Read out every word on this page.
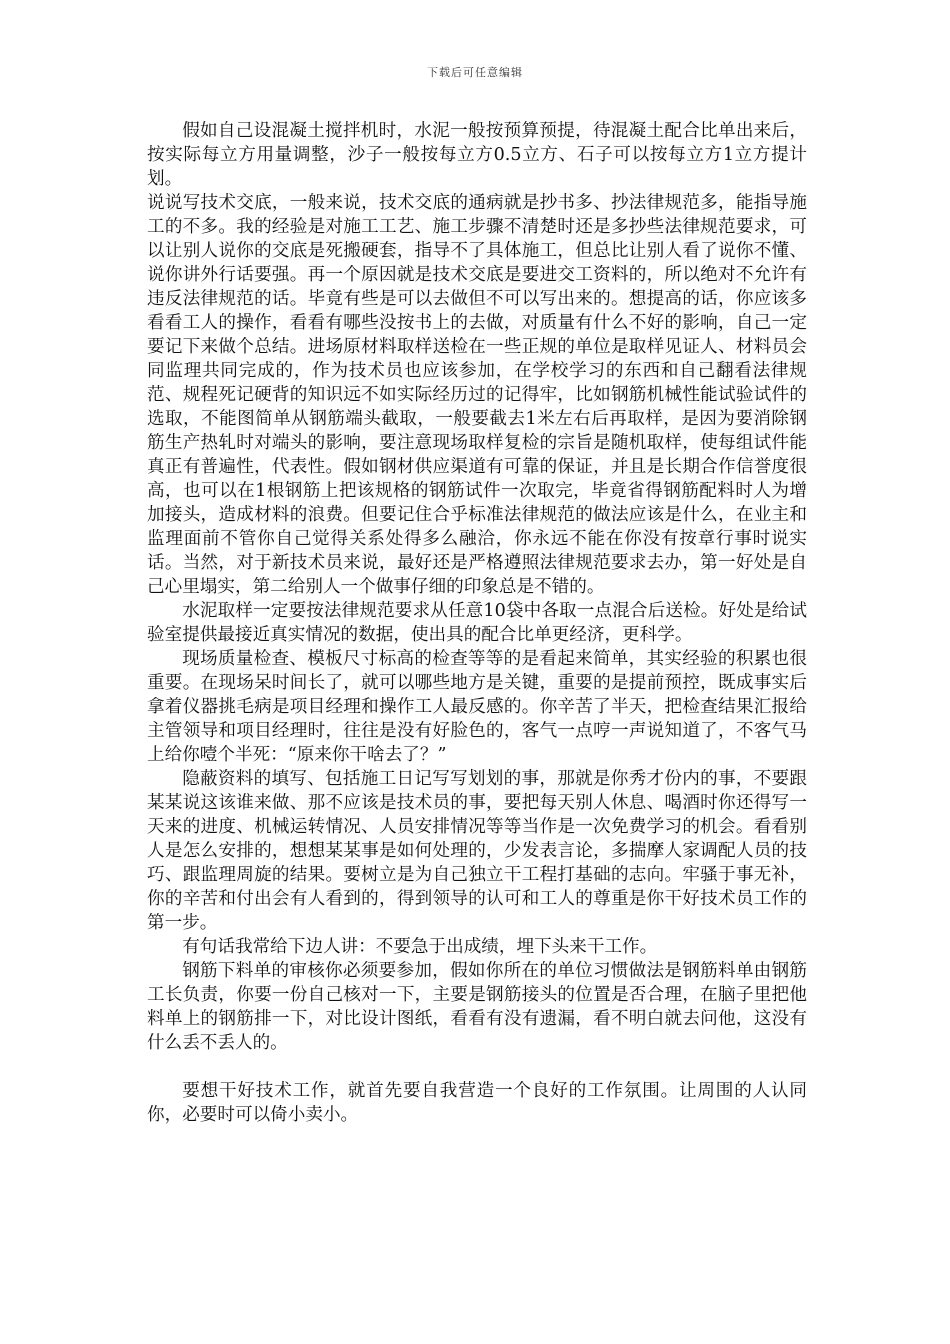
下载后可任意编辑

假如自己设混凝土搅拌机时，水泥一般按预算预提，待混凝土配合比单出来后，按实际每立方用量调整，沙子一般按每立方0.5立方、石子可以按每立方1立方提计划。

说说写技术交底，一般来说，技术交底的通病就是抄书多、抄法律规范多，能指导施工的不多。我的经验是对施工工艺、施工步骤不清楚时还是多抄些法律规范要求，可以让别人说你的交底是死搬硬套，指导不了具体施工，但总比让别人看了说你不懂、说你讲外行话要强。再一个原因就是技术交底是要进交工资料的，所以绝对不允许有违反法律规范的话。毕竟有些是可以去做但不可以写出来的。想提高的话，你应该多看看工人的操作，看看有哪些没按书上的去做，对质量有什么不好的影响，自己一定要记下来做个总结。进场原材料取样送检在一些正规的单位是取样见证人、材料员会同监理共同完成的，作为技术员也应该参加，在学校学习的东西和自己翻看法律规范、规程死记硬背的知识远不如实际经历过的记得牢，比如钢筋机械性能试验试件的选取，不能图简单从钢筋端头截取，一般要截去1米左右后再取样，是因为要消除钢筋生产热轧时对端头的影响，要注意现场取样复检的宗旨是随机取样，使每组试件能真正有普遍性，代表性。假如钢材供应渠道有可靠的保证，并且是长期合作信誉度很高，也可以在1根钢筋上把该规格的钢筋试件一次取完，毕竟省得钢筋配料时人为增加接头，造成材料的浪费。但要记住合乎标准法律规范的做法应该是什么，在业主和监理面前不管你自己觉得关系处得多么融洽，你永远不能在你没有按章行事时说实话。当然，对于新技术员来说，最好还是严格遵照法律规范要求去办，第一好处是自己心里塌实，第二给别人一个做事仔细的印象总是不错的。

水泥取样一定要按法律规范要求从任意10袋中各取一点混合后送检。好处是给试验室提供最接近真实情况的数据，使出具的配合比单更经济，更科学。

现场质量检查、模板尺寸标高的检查等等的是看起来简单，其实经验的积累也很重要。在现场呆时间长了，就可以哪些地方是关键，重要的是提前预控，既成事实后拿着仪器挑毛病是项目经理和操作工人最反感的。你辛苦了半天，把检查结果汇报给主管领导和项目经理时，往往是没有好脸色的，客气一点哼一声说知道了，不客气马上给你噎个半死：“原来你干啥去了？”

隐蔽资料的填写、包括施工日记写写划划的事，那就是你秀才份内的事，不要跟某某说这该谁来做、那不应该是技术员的事，要把每天别人休息、喝酒时你还得写一天来的进度、机械运转情况、人员安排情况等等当作是一次免费学习的机会。看看别人是怎么安排的，想想某某事是如何处理的，少发表言论，多揣摩人家调配人员的技巧、跟监理周旋的结果。要树立是为自己独立干工程打基础的志向。牢骚于事无补，你的辛苦和付出会有人看到的，得到领导的认可和工人的尊重是你干好技术员工作的第一步。

有句话我常给下边人讲：不要急于出成绩，埋下头来干工作。

钢筋下料单的审核你必须要参加，假如你所在的单位习惯做法是钢筋料单由钢筋工长负责，你要一份自己核对一下，主要是钢筋接头的位置是否合理，在脑子里把他料单上的钢筋排一下，对比设计图纸，看看有没有遗漏，看不明白就去问他，这没有什么丢不丢人的。

要想干好技术工作，就首先要自我营造一个良好的工作氛围。让周围的人认同你，必要时可以倚小卖小。
